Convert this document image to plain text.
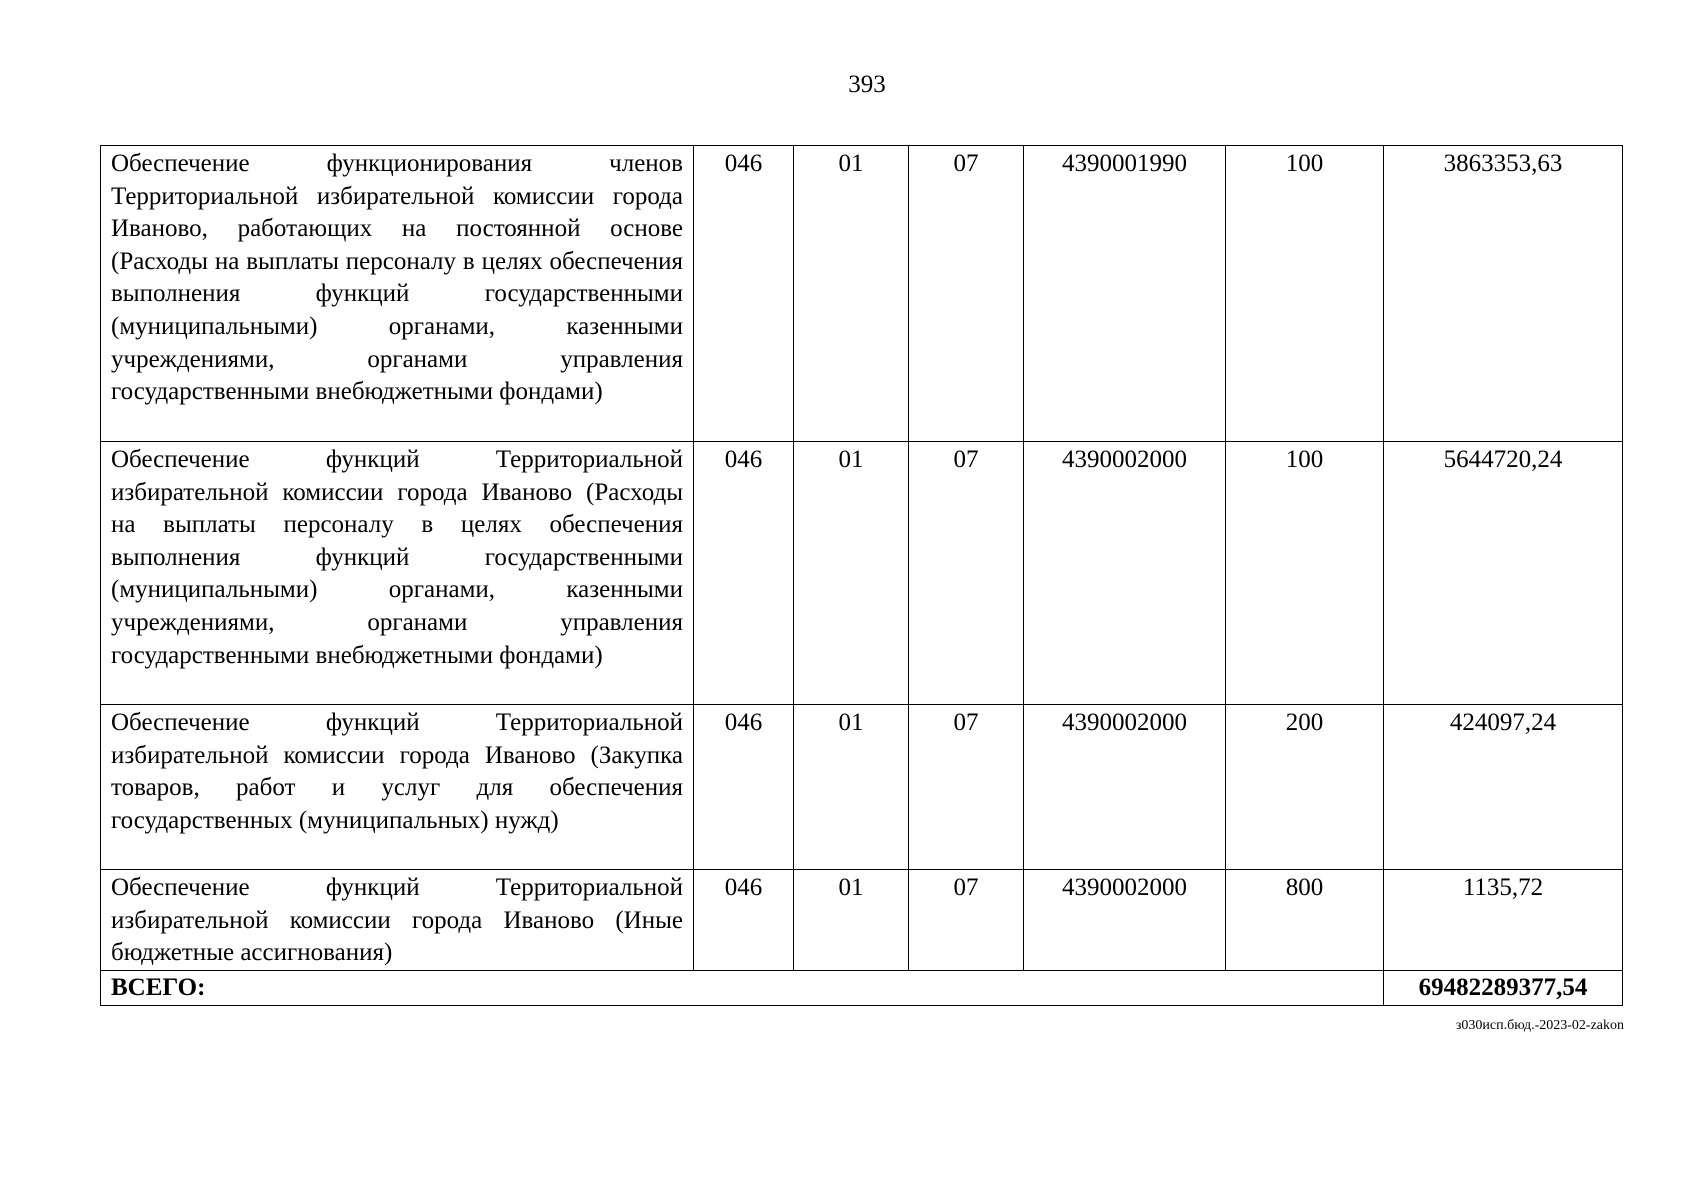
393
Обеспечение функционирования членов Территориальной избирательной комиссии города Иваново, работающих на постоянной основе (Расходы на выплаты персоналу в целях обеспечения выполнения функций государственными (муниципальными) органами, казенными учреждениями, органами управления государственными внебюджетными фондами)	046	01	07	4390001990	100	3863353,63
Обеспечение функций Территориальной избирательной комиссии города Иваново (Расходы на выплаты персоналу в целях обеспечения выполнения функций государственными (муниципальными) органами, казенными учреждениями, органами управления государственными внебюджетными фондами)	046	01	07	4390002000	100	5644720,24
Обеспечение функций Территориальной избирательной комиссии города Иваново (Закупка товаров, работ и услуг для обеспечения государственных (муниципальных) нужд)	046	01	07	4390002000	200	424097,24
Обеспечение функций Территориальной избирательной комиссии города Иваново (Иные бюджетные ассигнования)	046	01	07	4390002000	800	1135,72
ВСЕГО:						69482289377,54
з030исп.бюд.-2023-02-zakon
